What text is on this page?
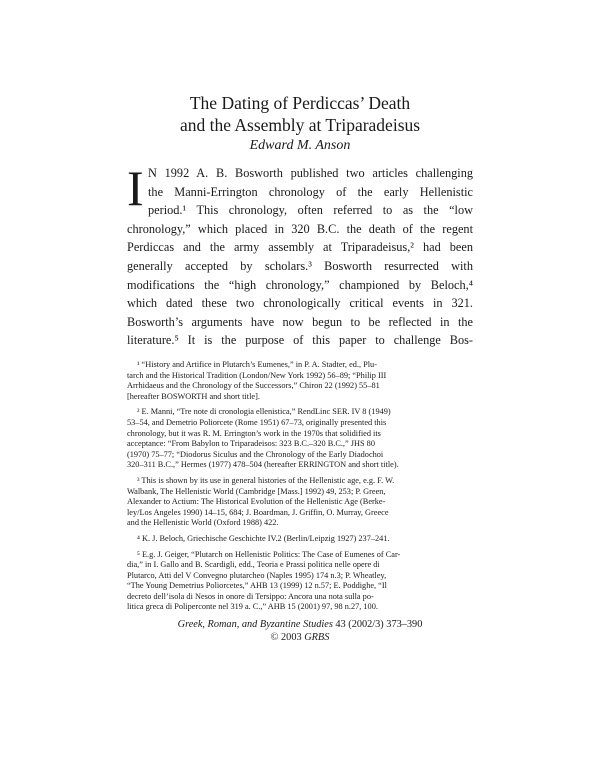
The Dating of Perdiccas’ Death
and the Assembly at Triparadeisus
Edward M. Anson
I N 1992 A. B. Bosworth published two articles challenging
the Manni-Errington chronology of the early Hellenistic
period.¹ This chronology, often referred to as the “low
chronology,” which placed in 320 B.C. the death of the regent
Perdiccas and the army assembly at Triparadeisus,² had been
generally accepted by scholars.³ Bosworth resurrected with
modifications the “high chronology,” championed by Beloch,⁴
which dated these two chronologically critical events in 321.
Bosworth’s arguments have now begun to be reflected in the
literature.⁵ It is the purpose of this paper to challenge Bos-
¹ “History and Artifice in Plutarch’s Eumenes,” in P. A. Stadter, ed., Plu-
tarch and the Historical Tradition (London/New York 1992) 56–89; “Philip III
Arrhidaeus and the Chronology of the Successors,” Chiron 22 (1992) 55–81
[hereafter BOSWORTH and short title].
² E. Manni, “Tre note di cronologia ellenistica,” RendLinc SER. IV 8 (1949)
53–54, and Demetrio Poliorcete (Rome 1951) 67–73, originally presented this
chronology, but it was R. M. Errington’s work in the 1970s that solidified its
acceptance: “From Babylon to Triparadeisos: 323 B.C.–320 B.C.,” JHS 80
(1970) 75–77; “Diodorus Siculus and the Chronology of the Early Diadochoi
320–311 B.C.,” Hermes (1977) 478–504 (hereafter ERRINGTON and short title).
³ This is shown by its use in general histories of the Hellenistic age, e.g. F. W.
Walbank, The Hellenistic World (Cambridge [Mass.] 1992) 49, 253; P. Green,
Alexander to Actium: The Historical Evolution of the Hellenistic Age (Berke-
ley/Los Angeles 1990) 14–15, 684; J. Boardman, J. Griffin, O. Murray, Greece
and the Hellenistic World (Oxford 1988) 422.
⁴ K. J. Beloch, Griechische Geschichte IV.2 (Berlin/Leipzig 1927) 237–241.
⁵ E.g. J. Geiger, “Plutarch on Hellenistic Politics: The Case of Eumenes of Car-
dia,” in I. Gallo and B. Scardigli, edd., Teoria e Prassi politica nelle opere di
Plutarco, Atti del V Convegno plutarcheo (Naples 1995) 174 n.3; P. Wheatley,
“The Young Demetrius Poliorcetes,” AHB 13 (1999) 12 n.57; E. Poddighe, “Il
decreto dell’isola di Nesos in onore di Tersippo: Ancora una nota sulla po-
litica greca di Poliperconte nel 319 a. C.,” AHB 15 (2001) 97, 98 n.27, 100.
Greek, Roman, and Byzantine Studies 43 (2002/3) 373–390
© 2003 GRBS
